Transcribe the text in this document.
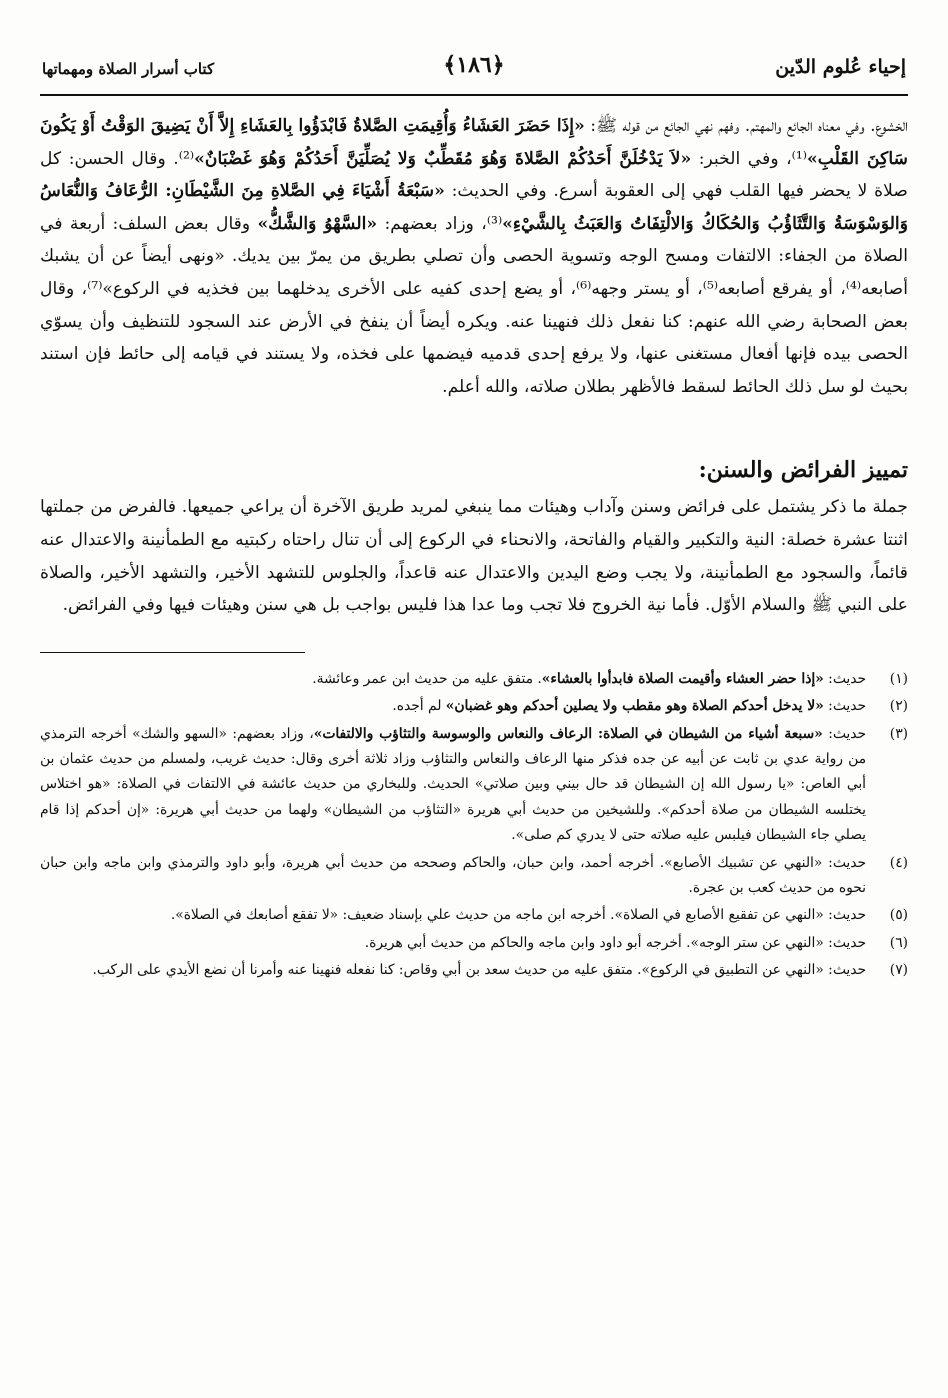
إحياء عُلوم الدّين
﴿١٨٦﴾
كتاب أسرار الصلاة ومهماتها

الخشوع. وفي معناه الجائع والمهتم. وفهم نهي الجائع من قوله ﷺ: «إِذَا حَضَرَ العَشَاءُ وَأُقِيمَتِ الصَّلاةُ فَابْدَؤُوا بِالعَشَاءِ إِلاَّ أَنْ يَضِيقَ الوَقْتُ أَوْ يَكُونَ سَاكِنَ القَلْبِ»⁽¹⁾، وفي الخبر: «لاَ يَدْخُلَنَّ أَحَدُكُمْ الصَّلاةَ وَهُوَ مُقَطِّبٌ وَلا يُصَلِّيَنَّ أَحَدُكُمْ وَهُوَ غَضْبَانٌ»⁽²⁾. وقال الحسن: كل صلاة لا يحضر فيها القلب فهي إلى العقوبة أسرع. وفي الحديث: «سَبْعَةُ أَشْيَاءَ فِي الصَّلاةِ مِنَ الشَّيْطَانِ: الرُّعَافُ وَالنُّعَاسُ وَالوَسْوَسَةُ وَالتَّثَاؤُبُ وَالحُكَاكُ وَالالْتِفَاتُ وَالعَبَثُ بِالشَّيْءِ»⁽³⁾، وزاد بعضهم: «السَّهْوُ وَالشَّكُّ» وقال بعض السلف: أربعة في الصلاة من الجفاء: الالتفات ومسح الوجه وتسوية الحصى وأن تصلي بطريق من يمرّ بين يديك. «ونهى أيضاً عن أن يشبك أصابعه⁽⁴⁾، أو يفرقع أصابعه⁽⁵⁾، أو يستر وجهه⁽⁶⁾، أو يضع إحدى كفيه على الأخرى يدخلهما بين فخذيه في الركوع»⁽⁷⁾، وقال بعض الصحابة رضي الله عنهم: كنا نفعل ذلك فنهينا عنه. ويكره أيضاً أن ينفخ في الأرض عند السجود للتنظيف وأن يسوّي الحصى بيده فإنها أفعال مستغنى عنها، ولا يرفع إحدى قدميه فيضمها على فخذه، ولا يستند في قيامه إلى حائط فإن استند بحيث لو سل ذلك الحائط لسقط فالأظهر بطلان صلاته، والله أعلم.

تمييز الفرائض والسنن:

جملة ما ذكر يشتمل على فرائض وسنن وآداب وهيئات مما ينبغي لمريد طريق الآخرة أن يراعي جميعها. فالفرض من جملتها اثنتا عشرة خصلة: النية والتكبير والقيام والفاتحة، والانحناء في الركوع إلى أن تنال راحتاه ركبتيه مع الطمأنينة والاعتدال عنه قائماً، والسجود مع الطمأنينة، ولا يجب وضع اليدين والاعتدال عنه قاعداً، والجلوس للتشهد الأخير، والتشهد الأخير، والصلاة على النبي ﷺ والسلام الأوّل. فأما نية الخروج فلا تجب وما عدا هذا فليس بواجب بل هي سنن وهيئات فيها وفي الفرائض.

(١)
حديث: «إذا حضر العشاء وأقيمت الصلاة فابدأوا بالعشاء». متفق عليه من حديث ابن عمر وعائشة.
(٢)
حديث: «لا يدخل أحدكم الصلاة وهو مقطب ولا يصلين أحدكم وهو غضبان» لم أجده.
(٣)
حديث: «سبعة أشياء من الشيطان في الصلاة: الرعاف والنعاس والوسوسة والتثاؤب والالتفات»، وزاد بعضهم: «السهو والشك» أخرجه الترمذي من رواية عدي بن ثابت عن أبيه عن جده فذكر منها الرعاف والنعاس والتثاؤب وزاد ثلاثة أخرى وقال: حديث غريب، ولمسلم من حديث عثمان بن أبي العاص: «يا رسول الله إن الشيطان قد حال بيني وبين صلاتي» الحديث. وللبخاري من حديث عائشة في الالتفات في الصلاة: «هو اختلاس يختلسه الشيطان من صلاة أحدكم». وللشيخين من حديث أبي هريرة «التثاؤب من الشيطان» ولهما من حديث أبي هريرة: «إن أحدكم إذا قام يصلي جاء الشيطان فيلبس عليه صلاته حتى لا يدري كم صلى».
(٤)
حديث: «النهي عن تشبيك الأصابع». أخرجه أحمد، وابن حبان، والحاكم وصححه من حديث أبي هريرة، وأبو داود والترمذي وابن ماجه وابن حبان نحوه من حديث كعب بن عجرة.
(٥)
حديث: «النهي عن تفقيع الأصابع في الصلاة». أخرجه ابن ماجه من حديث علي بإسناد ضعيف: «لا تفقع أصابعك في الصلاة».
(٦)
حديث: «النهي عن ستر الوجه». أخرجه أبو داود وابن ماجه والحاكم من حديث أبي هريرة.
(٧)
حديث: «النهي عن التطبيق في الركوع». متفق عليه من حديث سعد بن أبي وقاص: كنا نفعله فنهينا عنه وأمرنا أن نضع الأيدي على الركب.
